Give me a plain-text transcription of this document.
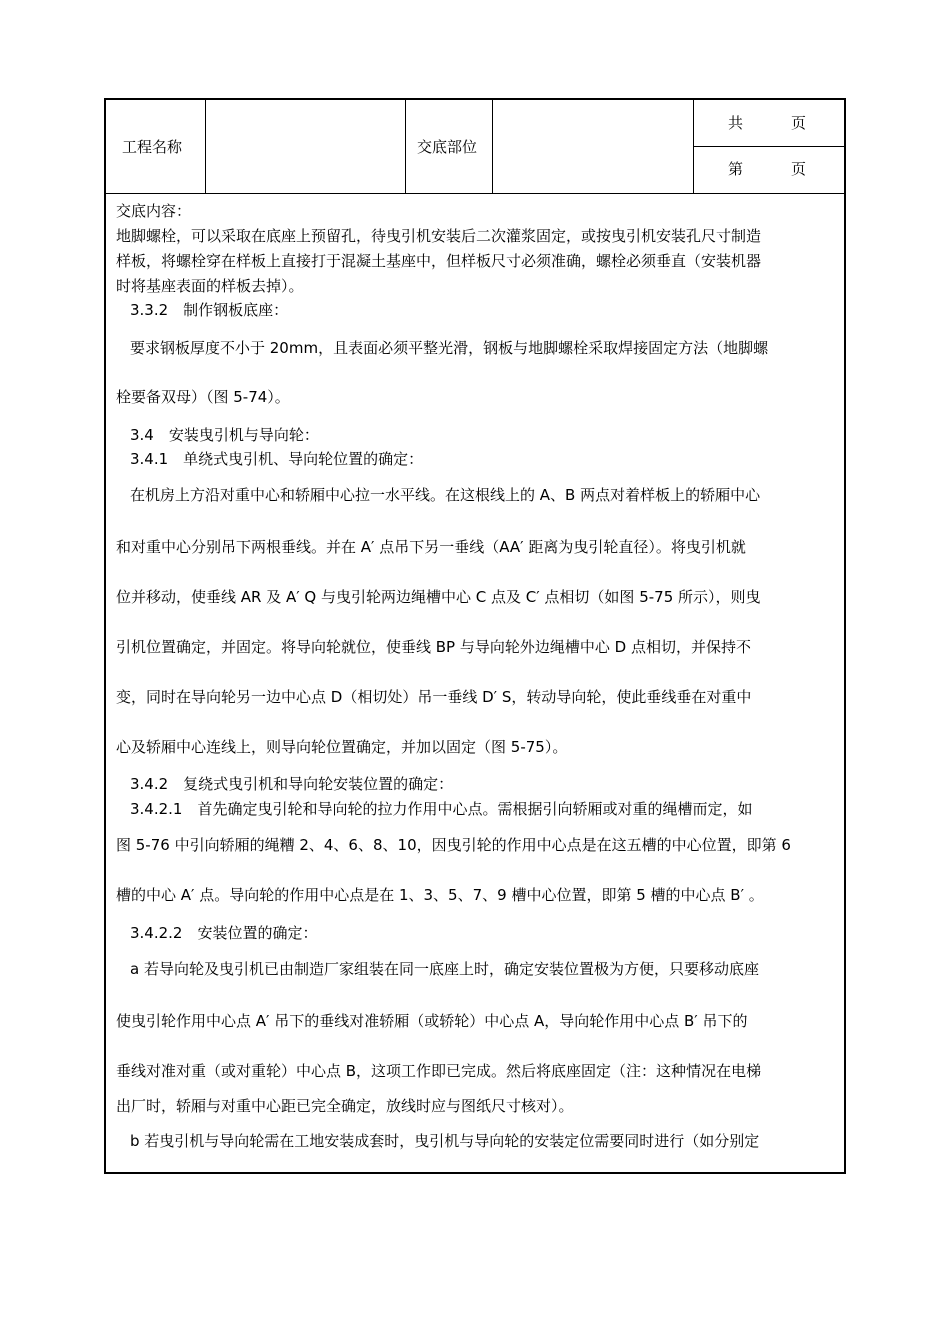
工程名称	交底部位
共	页
第	页
交底内容：
地脚螺栓，可以采取在底座上预留孔，待曳引机安装后二次灌浆固定，或按曳引机安装孔尺寸制造
样板，将螺栓穿在样板上直接打于混凝土基座中，但样板尺寸必须准确，螺栓必须垂直（安装机器
时将基座表面的样板去掉）。
3.3.2　制作钢板底座：
要求钢板厚度不小于 20mm，且表面必须平整光滑，钢板与地脚螺栓采取焊接固定方法（地脚螺
栓要备双母）（图 5-74）。
3.4　安装曳引机与导向轮：
3.4.1　单绕式曳引机、导向轮位置的确定：
在机房上方沿对重中心和轿厢中心拉一水平线。在这根线上的 A、B 两点对着样板上的轿厢中心
和对重中心分别吊下两根垂线。并在 A′ 点吊下另一垂线（AA′ 距离为曳引轮直径）。将曳引机就
位并移动，使垂线 AR 及 A′ Q 与曳引轮两边绳槽中心 C 点及 C′ 点相切（如图 5-75 所示），则曳
引机位置确定，并固定。将导向轮就位，使垂线 BP 与导向轮外边绳槽中心 D 点相切，并保持不
变，同时在导向轮另一边中心点 D（相切处）吊一垂线 D′ S，转动导向轮，使此垂线垂在对重中
心及轿厢中心连线上，则导向轮位置确定，并加以固定（图 5-75）。
3.4.2　复绕式曳引机和导向轮安装位置的确定：
3.4.2.1　首先确定曳引轮和导向轮的拉力作用中心点。需根据引向轿厢或对重的绳槽而定，如
图 5-76 中引向轿厢的绳糟 2、4、6、8、10，因曳引轮的作用中心点是在这五槽的中心位置，即第 6
槽的中心 A′ 点。导向轮的作用中心点是在 1、3、5、7、9 槽中心位置，即第 5 槽的中心点 B′ 。
3.4.2.2　安装位置的确定：
a 若导向轮及曳引机已由制造厂家组装在同一底座上时，确定安装位置极为方便，只要移动底座
使曳引轮作用中心点 A′ 吊下的垂线对准轿厢（或轿轮）中心点 A，导向轮作用中心点 B′ 吊下的
垂线对准对重（或对重轮）中心点 B，这项工作即已完成。然后将底座固定（注：这种情况在电梯
出厂时，轿厢与对重中心距已完全确定，放线时应与图纸尺寸核对）。
b 若曳引机与导向轮需在工地安装成套时，曳引机与导向轮的安装定位需要同时进行（如分别定
